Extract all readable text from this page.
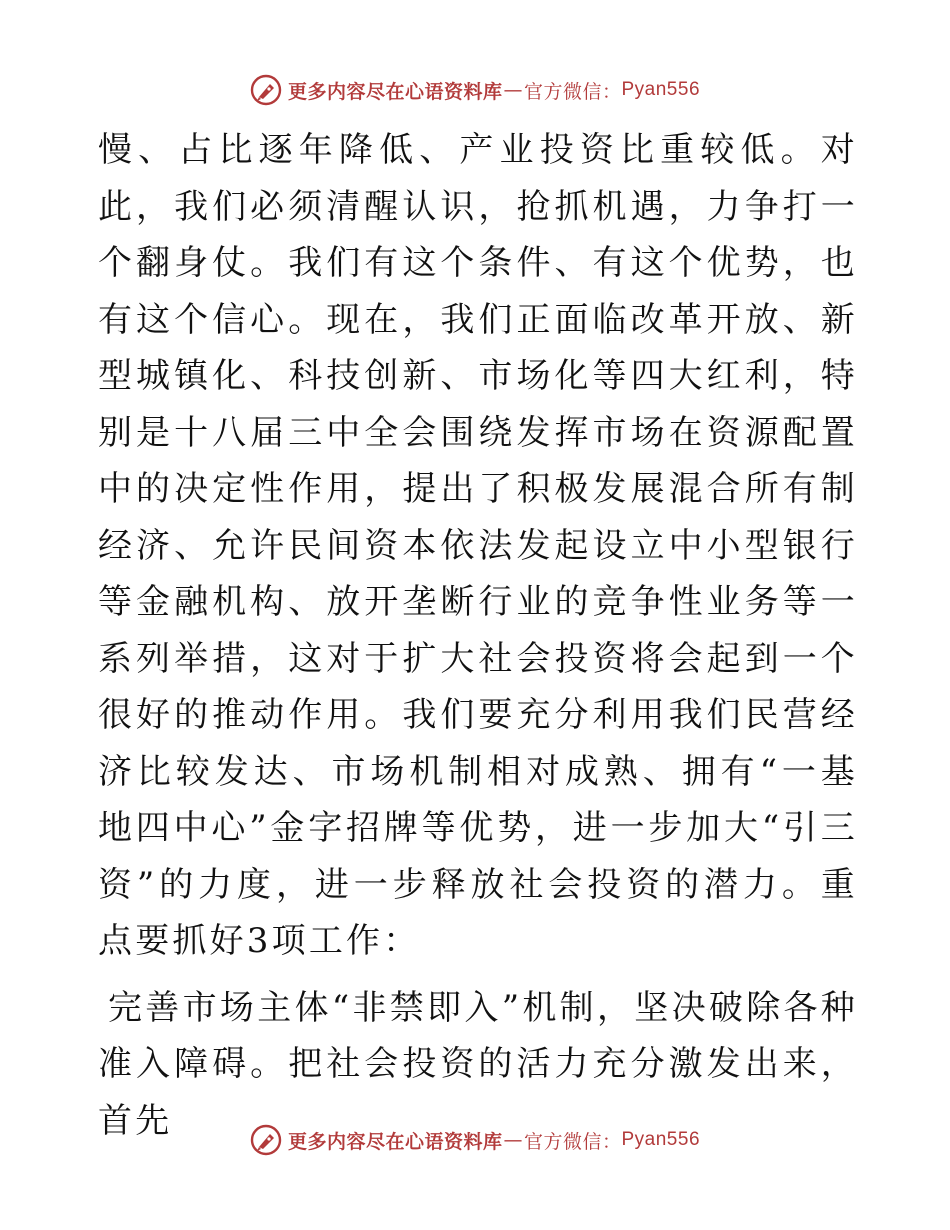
更多内容尽在心语资料库 — 官方微信： Pyan556

慢、占比逐年降低、产业投资比重较低。对此，我们必须清醒认识，抢抓机遇，力争打一个翻身仗。我们有这个条件、有这个优势，也有这个信心。现在，我们正面临改革开放、新型城镇化、科技创新、市场化等四大红利，特别是十八届三中全会围绕发挥市场在资源配置中的决定性作用，提出了积极发展混合所有制经济、允许民间资本依法发起设立中小型银行等金融机构、放开垄断行业的竞争性业务等一系列举措，这对于扩大社会投资将会起到一个很好的推动作用。我们要充分利用我们民营经济比较发达、市场机制相对成熟、拥有“一基地四中心”金字招牌等优势，进一步加大“引三资”的力度，进一步释放社会投资的潜力。重点要抓好3项工作：

完善市场主体“非禁即入”机制，坚决破除各种准入障碍。把社会投资的活力充分激发出来，首先

更多内容尽在心语资料库 — 官方微信： Pyan556
